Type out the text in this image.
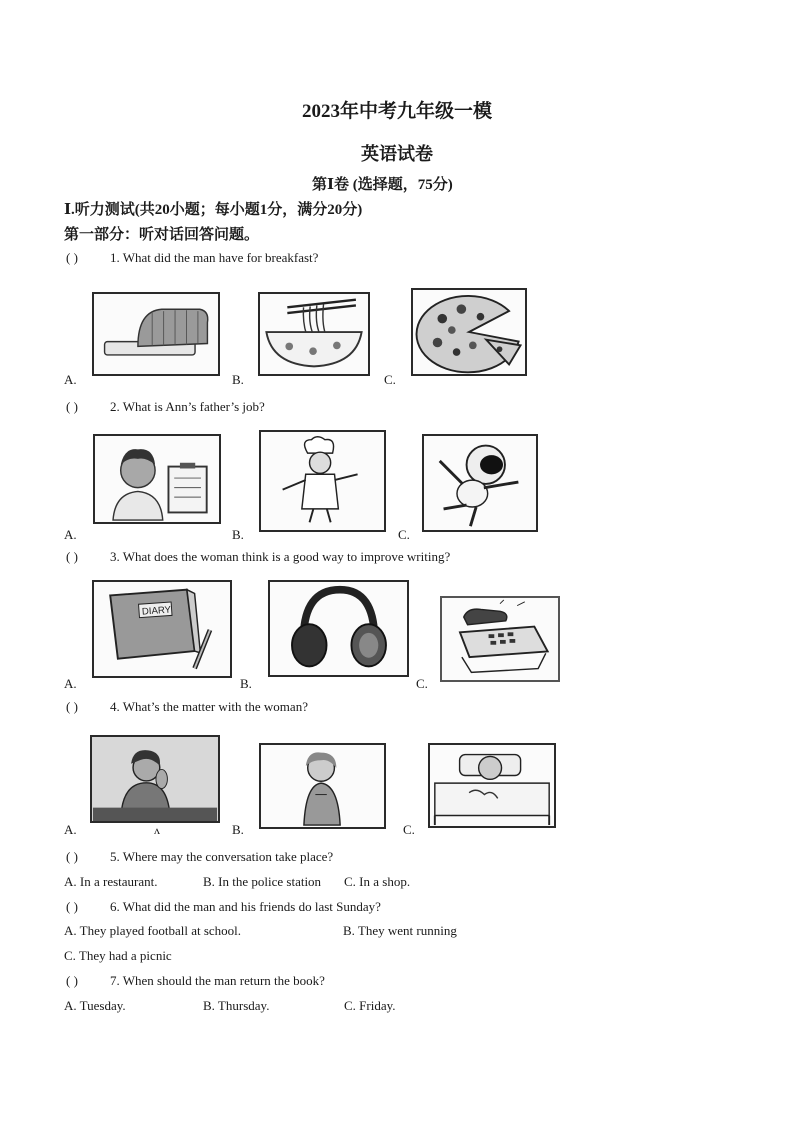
2023年中考九年级一模
英语试卷
第Ⅰ卷 (选择题，75分)
Ⅰ.听力测试(共20小题；每小题1分，满分20分)
第一部分：听对话回答问题。
( ) 1. What did the man have for breakfast?
A.	B.	C.
( ) 2. What is Ann’s father’s job?
A.	B.	C.
( ) 3. What does the woman think is a good way to improve writing?
DIARY
A.	B.	C.
( ) 4. What’s the matter with the woman?
A.	ʌ	B.	C.
( ) 5. Where may the conversation take place?
A. In a restaurant.	B. In the police station C. In a shop.
( ) 6. What did the man and his friends do last Sunday?
A. They played football at school.	B. They went running
C. They had a picnic
( ) 7. When should the man return the book?
A. Tuesday.	B. Thursday.	C. Friday.
